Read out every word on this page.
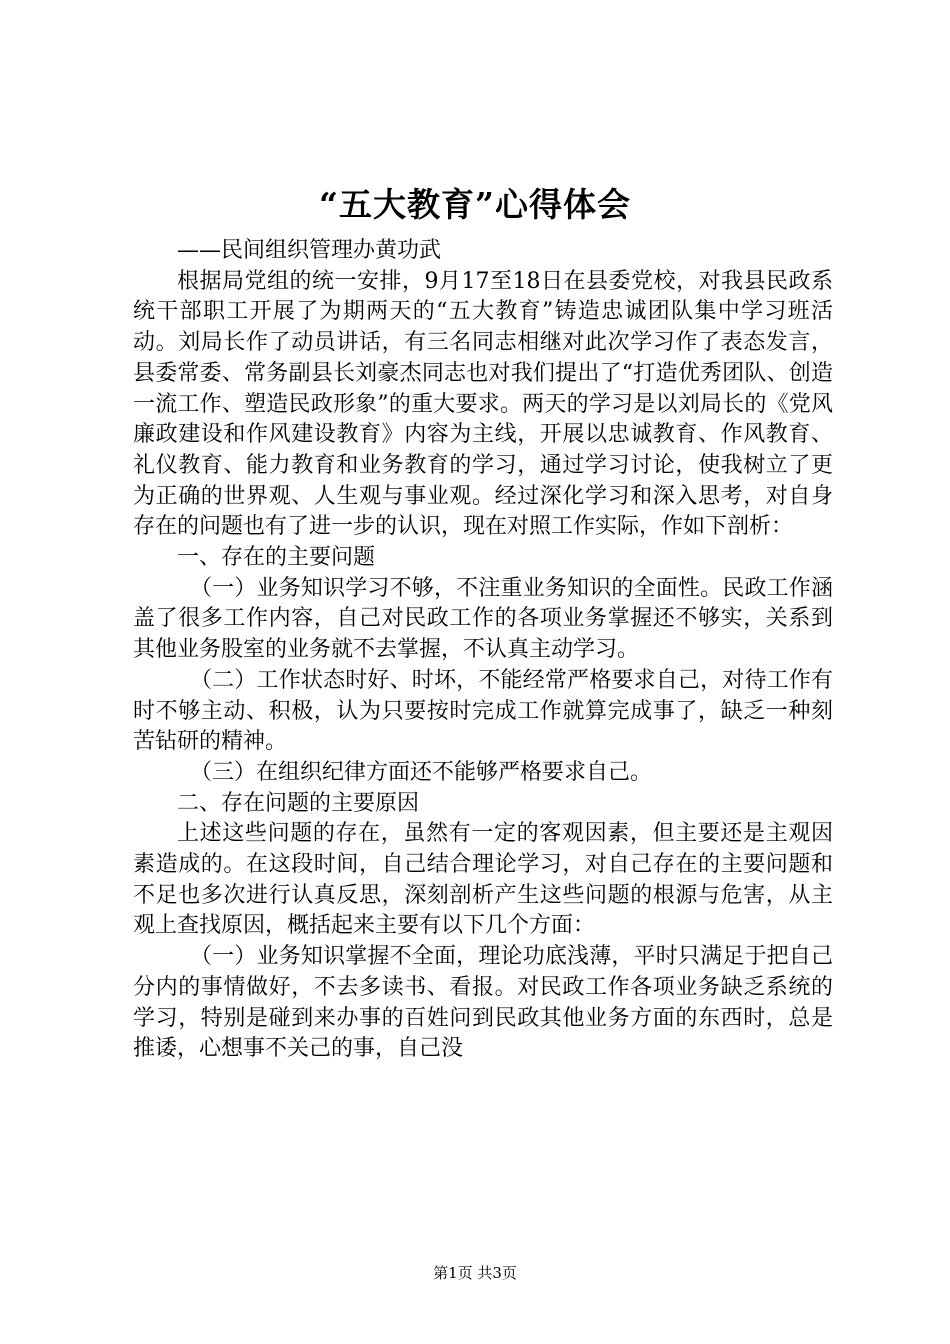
“五大教育”心得体会

——民间组织管理办黄功武

根据局党组的统一安排，9月17至18日在县委党校，对我县民政系统干部职工开展了为期两天的“五大教育”铸造忠诚团队集中学习班活动。刘局长作了动员讲话，有三名同志相继对此次学习作了表态发言，县委常委、常务副县长刘豪杰同志也对我们提出了“打造优秀团队、创造一流工作、塑造民政形象”的重大要求。两天的学习是以刘局长的《党风廉政建设和作风建设教育》内容为主线，开展以忠诚教育、作风教育、礼仪教育、能力教育和业务教育的学习，通过学习讨论，使我树立了更为正确的世界观、人生观与事业观。经过深化学习和深入思考，对自身存在的问题也有了进一步的认识，现在对照工作实际，作如下剖析：

一、存在的主要问题

（一）业务知识学习不够，不注重业务知识的全面性。民政工作涵盖了很多工作内容，自己对民政工作的各项业务掌握还不够实，关系到其他业务股室的业务就不去掌握，不认真主动学习。

（二）工作状态时好、时坏，不能经常严格要求自己，对待工作有时不够主动、积极，认为只要按时完成工作就算完成事了，缺乏一种刻苦钻研的精神。

（三）在组织纪律方面还不能够严格要求自己。

二、存在问题的主要原因

上述这些问题的存在，虽然有一定的客观因素，但主要还是主观因素造成的。在这段时间，自己结合理论学习，对自己存在的主要问题和不足也多次进行认真反思，深刻剖析产生这些问题的根源与危害，从主观上查找原因，概括起来主要有以下几个方面：

（一）业务知识掌握不全面，理论功底浅薄，平时只满足于把自己分内的事情做好，不去多读书、看报。对民政工作各项业务缺乏系统的学习，特别是碰到来办事的百姓问到民政其他业务方面的东西时，总是推诿，心想事不关己的事，自己没

第1页 共3页
